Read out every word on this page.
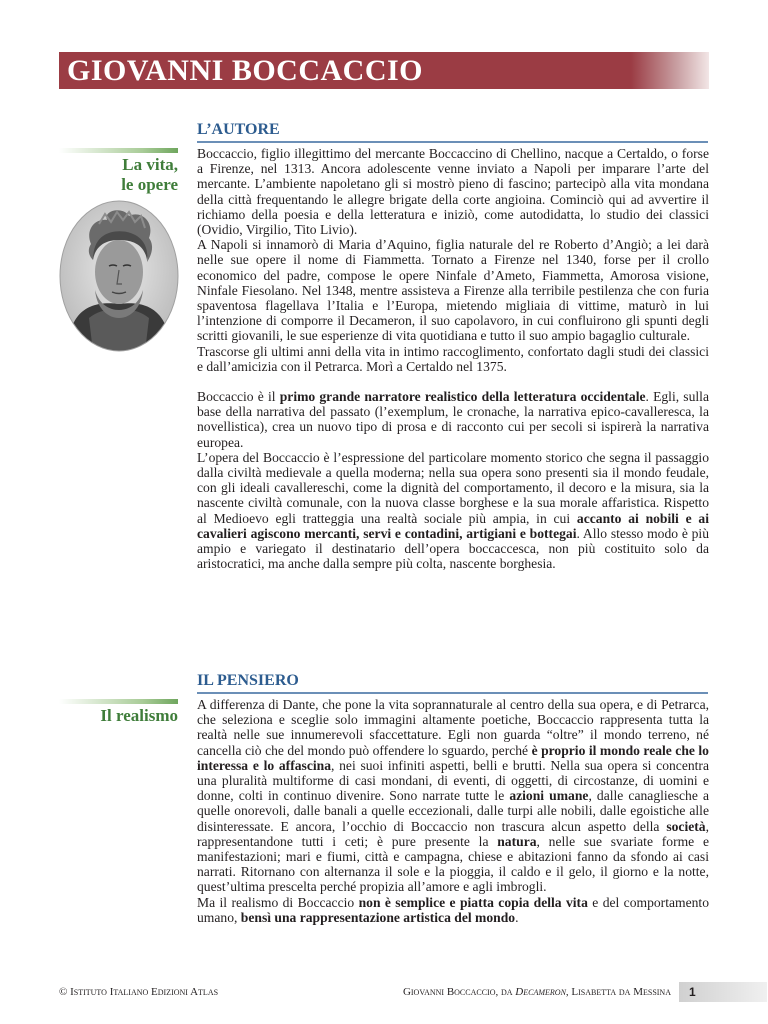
GIOVANNI BOCCACCIO
L’AUTORE
La vita,
le opere

Boccaccio, figlio illegittimo del mercante Boccaccino di Chellino, nacque a Certaldo, o forse a Firenze, nel 1313. Ancora adolescente venne inviato a Napoli per imparare l’arte del mercante. L’ambiente napoletano gli si mostrò pieno di fascino; partecipò alla vita mondana della città frequentando le allegre brigate della corte angioina. Cominciò qui ad avvertire il richiamo della poesia e della letteratura e iniziò, come autodidatta, lo studio dei classici (Ovidio, Virgilio, Tito Livio).

A Napoli si innamorò di Maria d’Aquino, figlia naturale del re Roberto d’Angiò; a lei darà nelle sue opere il nome di Fiammetta. Tornato a Firenze nel 1340, forse per il crollo economico del padre, compose le opere Ninfale d’Ameto, Fiammetta, Amorosa visione, Ninfale Fiesolano. Nel 1348, mentre assisteva a Firenze alla terribile pestilenza che con furia spaventosa flagellava l’Italia e l’Europa, mietendo migliaia di vittime, maturò in lui l’intenzione di comporre il Decameron, il suo capolavoro, in cui confluirono gli spunti degli scritti giovanili, le sue esperienze di vita quotidiana e tutto il suo ampio bagaglio culturale.

Trascorse gli ultimi anni della vita in intimo raccoglimento, confortato dagli studi dei classici e dall’amicizia con il Petrarca. Morì a Certaldo nel 1375.

Boccaccio è il primo grande narratore realistico della letteratura occidentale. Egli, sulla base della narrativa del passato (l’exemplum, le cronache, la narrativa epico-cavalleresca, la novellistica), crea un nuovo tipo di prosa e di racconto cui per secoli si ispirerà la narrativa europea.

L’opera del Boccaccio è l’espressione del particolare momento storico che segna il passaggio dalla civiltà medievale a quella moderna; nella sua opera sono presenti sia il mondo feudale, con gli ideali cavallereschi, come la dignità del comportamento, il decoro e la misura, sia la nascente civiltà comunale, con la nuova classe borghese e la sua morale affaristica. Rispetto al Medioevo egli tratteggia una realtà sociale più ampia, in cui accanto ai nobili e ai cavalieri agiscono mercanti, servi e contadini, artigiani e bottegai. Allo stesso modo è più ampio e variegato il destinatario dell’opera boccaccesca, non più costituito solo da aristocratici, ma anche dalla sempre più colta, nascente borghesia.

IL PENSIERO
Il realismo

A differenza di Dante, che pone la vita soprannaturale al centro della sua opera, e di Petrarca, che seleziona e sceglie solo immagini altamente poetiche, Boccaccio rappresenta tutta la realtà nelle sue innumerevoli sfaccettature. Egli non guarda “oltre” il mondo terreno, né cancella ciò che del mondo può offendere lo sguardo, perché è proprio il mondo reale che lo interessa e lo affascina, nei suoi infiniti aspetti, belli e brutti. Nella sua opera si concentra una pluralità multiforme di casi mondani, di eventi, di oggetti, di circostanze, di uomini e donne, colti in continuo divenire. Sono narrate tutte le azioni umane, dalle canagliesche a quelle onorevoli, dalle banali a quelle eccezionali, dalle turpi alle nobili, dalle egoistiche alle disinteressate. E ancora, l’occhio di Boccaccio non trascura alcun aspetto della società, rappresentandone tutti i ceti; è pure presente la natura, nelle sue svariate forme e manifestazioni; mari e fiumi, città e campagna, chiese e abitazioni fanno da sfondo ai casi narrati. Ritornano con alternanza il sole e la pioggia, il caldo e il gelo, il giorno e la notte, quest’ultima prescelta perché propizia all’amore e agli imbrogli.

Ma il realismo di Boccaccio non è semplice e piatta copia della vita e del comportamento umano, bensì una rappresentazione artistica del mondo.

© Istituto Italiano Edizioni Atlas	Giovanni Boccaccio, da Decameron, Lisabetta da Messina 1
